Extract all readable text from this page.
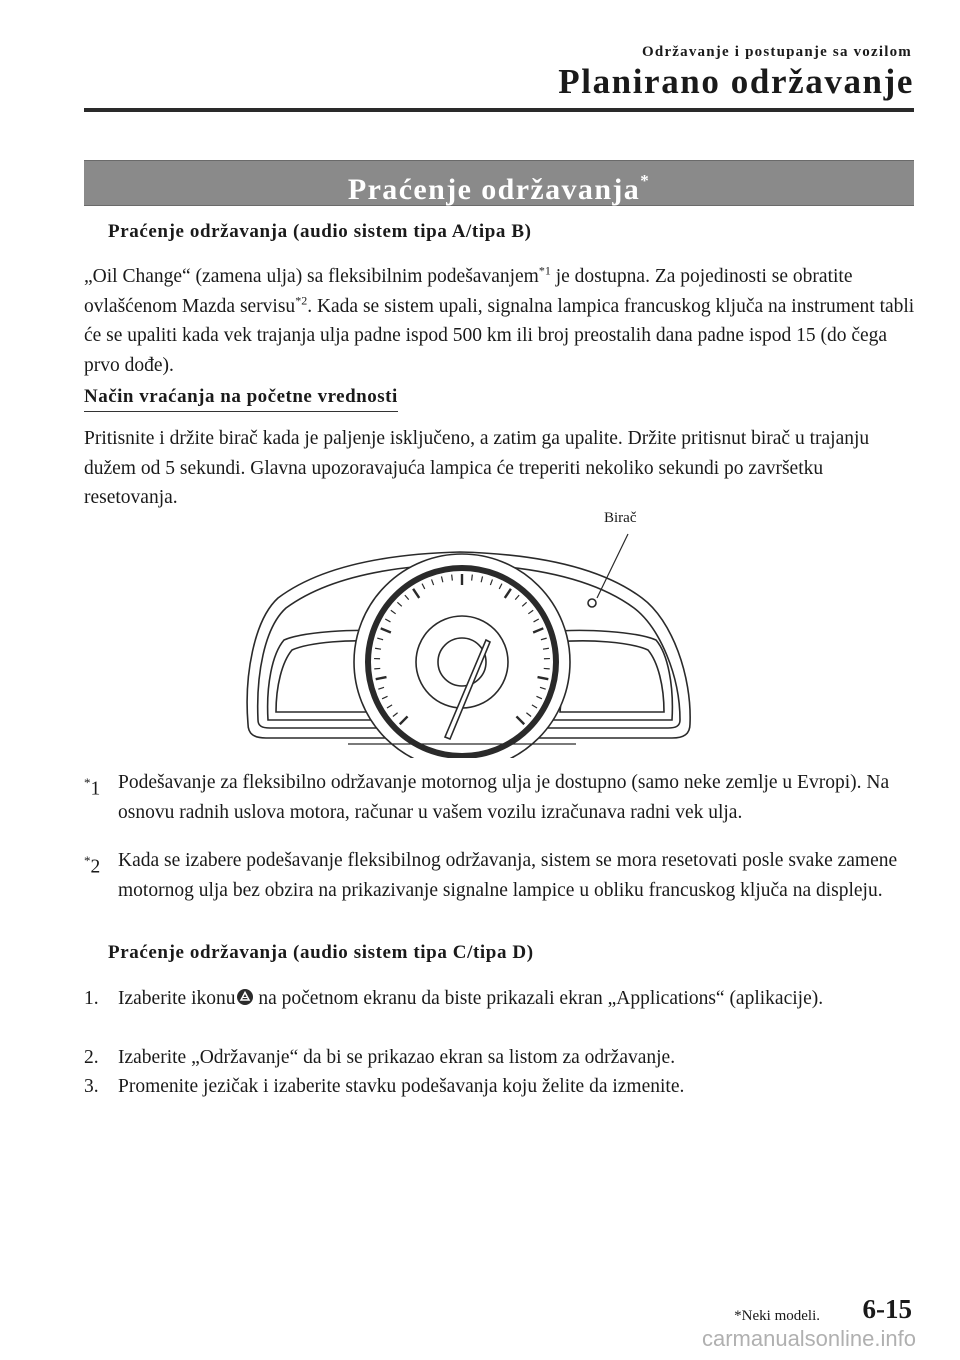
Održavanje i postupanje sa vozilom
Planirano održavanje
Praćenje održavanja*
Praćenje održavanja (audio sistem tipa A/tipa B)
„Oil Change“ (zamena ulja) sa fleksibilnim podešavanjem$^{*1}$ je dostupna. Za pojedinosti se obratite ovlašćenom Mazda servisu$^{*2}$. Kada se sistem upali, signalna lampica francuskog ključa na instrument tabli će se upaliti kada vek trajanja ulja padne ispod 500 km ili broj preostalih dana padne ispod 15 (do čega prvo dođe).
Način vraćanja na početne vrednosti
Pritisnite i držite birač kada je paljenje isključeno, a zatim ga upalite. Držite pritisnut birač u trajanju dužem od 5 sekundi. Glavna upozoravajuća lampica će treperiti nekoliko sekundi po završetku resetovanja.
Birač
*1 Podešavanje za fleksibilno održavanje motornog ulja je dostupno (samo neke zemlje u Evropi). Na osnovu radnih uslova motora, računar u vašem vozilu izračunava radni vek ulja.
*2 Kada se izabere podešavanje fleksibilnog održavanja, sistem se mora resetovati posle svake zamene motornog ulja bez obzira na prikazivanje signalne lampice u obliku francuskog ključa na displeju.
Praćenje održavanja (audio sistem tipa C/tipa D)
1. Izaberite ikonu na početnom ekranu da biste prikazali ekran „Applications“ (aplikacije).
2. Izaberite „Održavanje“ da bi se prikazao ekran sa listom za održavanje.
3. Promenite jezičak i izaberite stavku podešavanja koju želite da izmenite.
*Neki modeli. 6-15
carmanualsonline.info
